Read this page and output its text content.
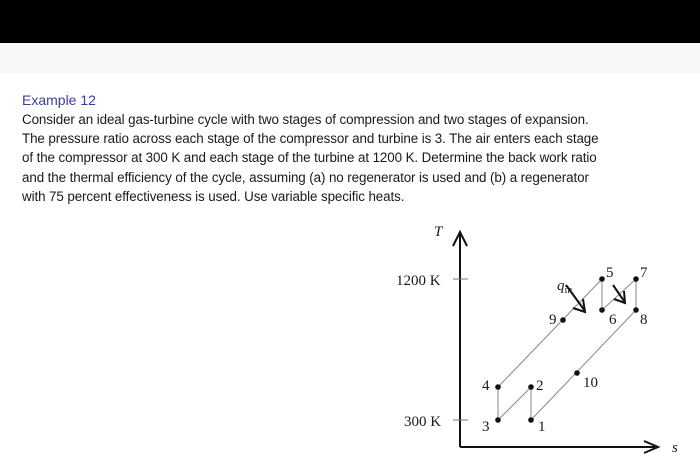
Example 12

Consider an ideal gas-turbine cycle with two stages of compression and two stages of expansion.

The pressure ratio across each stage of the compressor and turbine is 3. The air enters each stage

of the compressor at 300 K and each stage of the turbine at 1200 K. Determine the back work ratio

and the thermal efficiency of the cycle, assuming (a) no regenerator is used and (b) a regenerator

with 75 percent effectiveness is used. Use variable specific heats.

T
s
1200 K
300 K
$q_{in}$
1
2
3
4
5
6
7
8
9
10
